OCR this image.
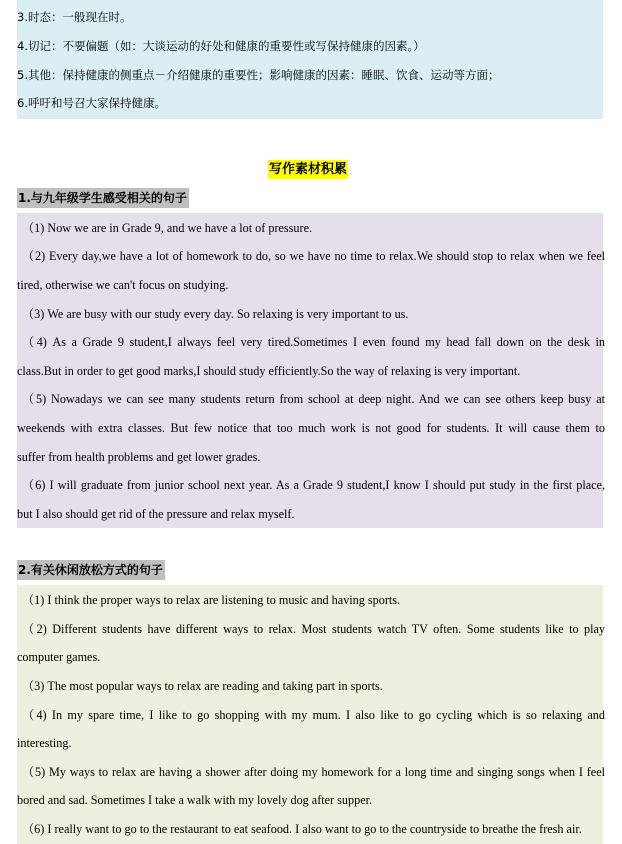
3.时态：一般现在时。
4.切记：不要偏题（如：大谈运动的好处和健康的重要性或写保持健康的因素。）
5.其他：保持健康的侧重点－介绍健康的重要性；影响健康的因素：睡眠、饮食、运动等方面；
6.呼吁和号召大家保持健康。
写作素材积累
1.与九年级学生感受相关的句子
（1) Now we are in Grade 9, and we have a lot of pressure.
（2) Every day,we have a lot of homework to do, so we have no time to relax.We should stop to relax when we feel
tired, otherwise we can't focus on studying.
（3) We are busy with our study every day. So relaxing is very important to us.
（4) As a Grade 9 student,I always feel very tired.Sometimes I even found my head fall down on the desk in
class.But in order to get good marks,I should study efficiently.So the way of relaxing is very important.
（5) Nowadays we can see many students return from school at deep night. And we can see others keep busy at
weekends with extra classes. But few notice that too much work is not good for students. It will cause them to
suffer from health problems and get lower grades.
（6) I will graduate from junior school next year. As a Grade 9 student,I know I should put study in the first place,
but I also should get rid of the pressure and relax myself.
2.有关休闲放松方式的句子
（1) I think the proper ways to relax are listening to music and having sports.
（2) Different students have different ways to relax. Most students watch TV often. Some students like to play
computer games.
（3) The most popular ways to relax are reading and taking part in sports.
（4) In my spare time, I like to go shopping with my mum. I also like to go cycling which is so relaxing and
interesting.
（5) My ways to relax are having a shower after doing my homework for a long time and singing songs when I feel
bored and sad. Sometimes I take a walk with my lovely dog after supper.
（6) I really want to go to the restaurant to eat seafood. I also want to go to the countryside to breathe the fresh air.
